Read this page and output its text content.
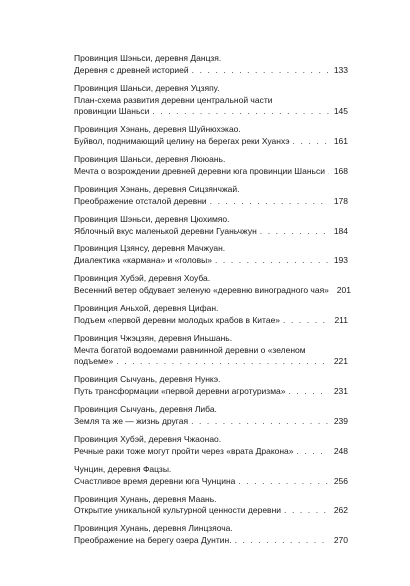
Провинция Шэньси, деревня Данцзя.
Деревня с древней историей . . .	133
Провинция Шаньси, деревня Уцзяпу.
План-схема развития деревни центральной части
провинции Шаньси . . .	145
Провинция Хэнань, деревня Шуйнюхэкао.
Буйвол, поднимающий целину на берегах реки Хуанхэ . . .	161
Провинция Шаньси, деревня Лююань.
Мечта о возрождении древней деревни юга провинции Шаньси . . . 168
Провинция Хэнань, деревня Сицзянчжай.
Преображение отсталой деревни . . .	178
Провинция Шэньси, деревня Цюхимяо.
Яблочный вкус маленькой деревни Гуаньчжун . . .	184
Провинция Цзянсу, деревня Мачжуан.
Диалектика «кармана» и «головы» . . .	193
Провинция Хубэй, деревня Хоуба.
Весенний ветер обдувает зеленую «деревню виноградного чая» 201
Провинция Аньхой, деревня Цифан.
Подъем «первой деревни молодых крабов в Китае» . . .	211
Провинция Чжэцзян, деревня Иньшань.
Мечта богатой водоемами равнинной деревни о «зеленом
подъеме» . . .	221
Провинция Сычуань, деревня Нункэ.
Путь трансформации «первой деревни агротуризма» . . .	231
Провинция Сычуань, деревня Либа.
Земля та же — жизнь другая . . .	239
Провинция Хубэй, деревня Чжаонао.
Речные раки тоже могут пройти через «врата Дракона» . . .	248
Чунцин, деревня Фацзы.
Счастливое время деревни юга Чунцина . . .	256
Провинция Хунань, деревня Маань.
Открытие уникальной культурной ценности деревни . . .	262
Провинция Хунань, деревня Линцзяоча.
Преображение на берегу озера Дунтин. . . .	270
